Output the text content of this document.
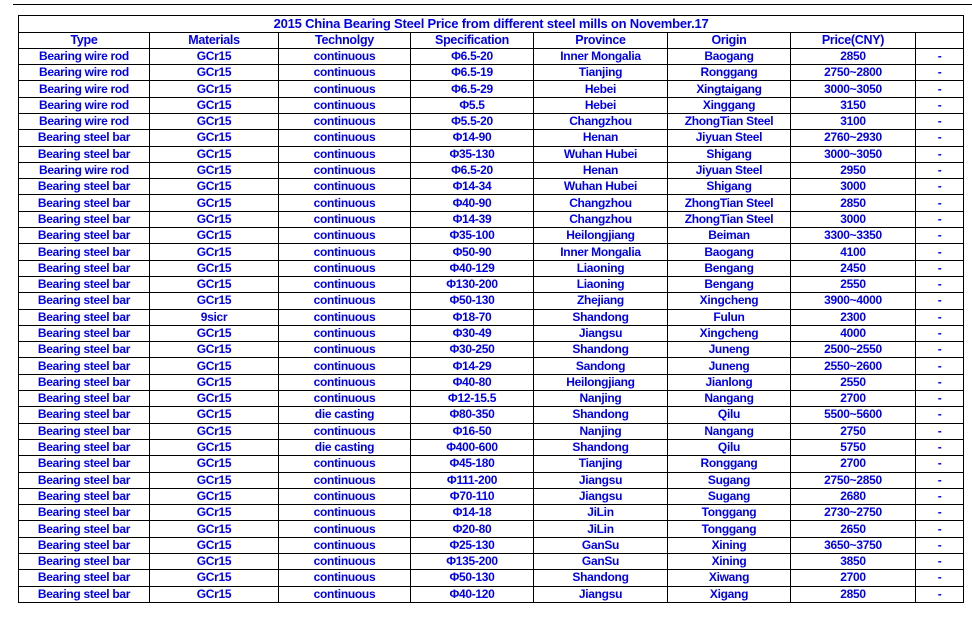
2015 China Bearing Steel Price from different steel mills on November.17							
Type	Materials	Technolgy	Specification	Province	Origin	Price(CNY)	
Bearing wire rod	GCr15	continuous	Φ6.5-20	Inner Mongalia	Baogang	2850	-
Bearing wire rod	GCr15	continuous	Φ6.5-19	Tianjing	Ronggang	2750~2800	-
Bearing wire rod	GCr15	continuous	Φ6.5-29	Hebei	Xingtaigang	3000~3050	-
Bearing wire rod	GCr15	continuous	Φ5.5	Hebei	Xinggang	3150	-
Bearing wire rod	GCr15	continuous	Φ5.5-20	Changzhou	ZhongTian Steel	3100	-
Bearing steel bar	GCr15	continuous	Φ14-90	Henan	Jiyuan Steel	2760~2930	-
Bearing steel bar	GCr15	continuous	Φ35-130	Wuhan Hubei	Shigang	3000~3050	-
Bearing wire rod	GCr15	continuous	Φ6.5-20	Henan	Jiyuan Steel	2950	-
Bearing steel bar	GCr15	continuous	Φ14-34	Wuhan Hubei	Shigang	3000	-
Bearing steel bar	GCr15	continuous	Φ40-90	Changzhou	ZhongTian Steel	2850	-
Bearing steel bar	GCr15	continuous	Φ14-39	Changzhou	ZhongTian Steel	3000	-
Bearing steel bar	GCr15	continuous	Φ35-100	Heilongjiang	Beiman	3300~3350	-
Bearing steel bar	GCr15	continuous	Φ50-90	Inner Mongalia	Baogang	4100	-
Bearing steel bar	GCr15	continuous	Φ40-129	Liaoning	Bengang	2450	-
Bearing steel bar	GCr15	continuous	Φ130-200	Liaoning	Bengang	2550	-
Bearing steel bar	GCr15	continuous	Φ50-130	Zhejiang	Xingcheng	3900~4000	-
Bearing steel bar	9sicr	continuous	Φ18-70	Shandong	Fulun	2300	-
Bearing steel bar	GCr15	continuous	Φ30-49	Jiangsu	Xingcheng	4000	-
Bearing steel bar	GCr15	continuous	Φ30-250	Shandong	Juneng	2500~2550	-
Bearing steel bar	GCr15	continuous	Φ14-29	Sandong	Juneng	2550~2600	-
Bearing steel bar	GCr15	continuous	Φ40-80	Heilongjiang	Jianlong	2550	-
Bearing steel bar	GCr15	continuous	Φ12-15.5	Nanjing	Nangang	2700	-
Bearing steel bar	GCr15	die casting	Φ80-350	Shandong	Qilu	5500~5600	-
Bearing steel bar	GCr15	continuous	Φ16-50	Nanjing	Nangang	2750	-
Bearing steel bar	GCr15	die casting	Φ400-600	Shandong	Qilu	5750	-
Bearing steel bar	GCr15	continuous	Φ45-180	Tianjing	Ronggang	2700	-
Bearing steel bar	GCr15	continuous	Φ111-200	Jiangsu	Sugang	2750~2850	-
Bearing steel bar	GCr15	continuous	Φ70-110	Jiangsu	Sugang	2680	-
Bearing steel bar	GCr15	continuous	Φ14-18	JiLin	Tonggang	2730~2750	-
Bearing steel bar	GCr15	continuous	Φ20-80	JiLin	Tonggang	2650	-
Bearing steel bar	GCr15	continuous	Φ25-130	GanSu	Xining	3650~3750	-
Bearing steel bar	GCr15	continuous	Φ135-200	GanSu	Xining	3850	-
Bearing steel bar	GCr15	continuous	Φ50-130	Shandong	Xiwang	2700	-
Bearing steel bar	GCr15	continuous	Φ40-120	Jiangsu	Xigang	2850	-
